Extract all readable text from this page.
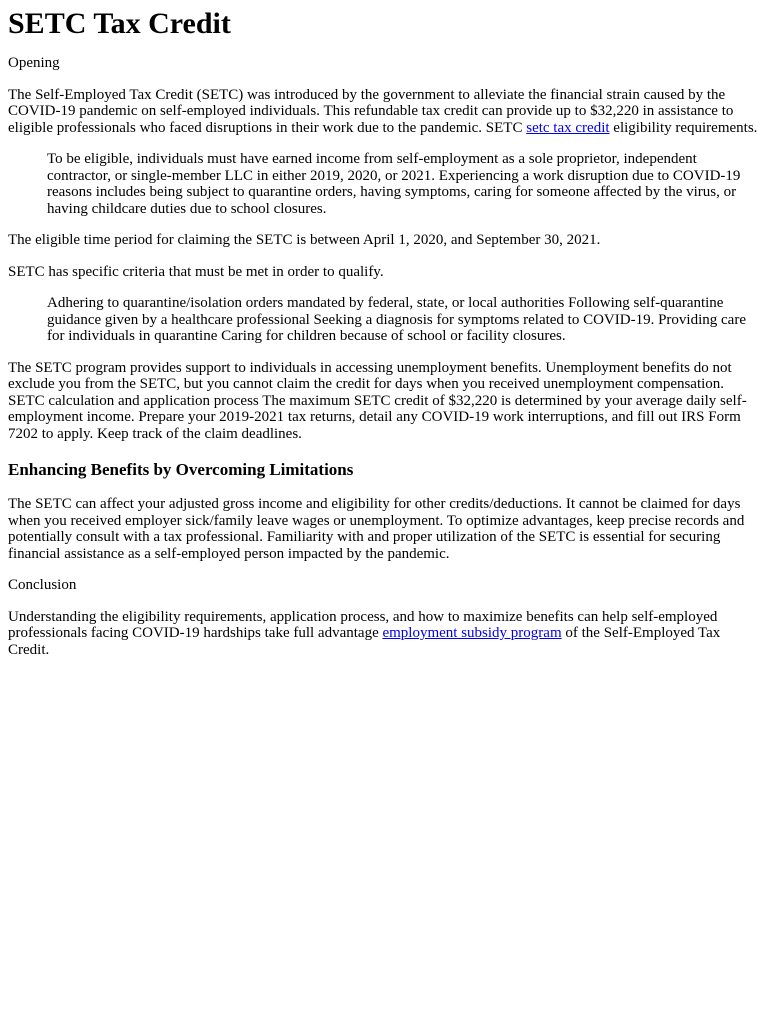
SETC Tax Credit

Opening

The Self-Employed Tax Credit (SETC) was introduced by the government to alleviate the financial strain caused by the COVID-19 pandemic on self-employed individuals. This refundable tax credit can provide up to $32,220 in assistance to eligible professionals who faced disruptions in their work due to the pandemic. SETC setc tax credit eligibility requirements.

To be eligible, individuals must have earned income from self-employment as a sole proprietor, independent contractor, or single-member LLC in either 2019, 2020, or 2021. Experiencing a work disruption due to COVID-19 reasons includes being subject to quarantine orders, having symptoms, caring for someone affected by the virus, or having childcare duties due to school closures.

The eligible time period for claiming the SETC is between April 1, 2020, and September 30, 2021.

SETC has specific criteria that must be met in order to qualify.

Adhering to quarantine/isolation orders mandated by federal, state, or local authorities Following self-quarantine guidance given by a healthcare professional Seeking a diagnosis for symptoms related to COVID-19. Providing care for individuals in quarantine Caring for children because of school or facility closures.

The SETC program provides support to individuals in accessing unemployment benefits. Unemployment benefits do not exclude you from the SETC, but you cannot claim the credit for days when you received unemployment compensation. SETC calculation and application process The maximum SETC credit of $32,220 is determined by your average daily self-employment income. Prepare your 2019-2021 tax returns, detail any COVID-19 work interruptions, and fill out IRS Form 7202 to apply. Keep track of the claim deadlines.

Enhancing Benefits by Overcoming Limitations

The SETC can affect your adjusted gross income and eligibility for other credits/deductions. It cannot be claimed for days when you received employer sick/family leave wages or unemployment. To optimize advantages, keep precise records and potentially consult with a tax professional. Familiarity with and proper utilization of the SETC is essential for securing financial assistance as a self-employed person impacted by the pandemic.

Conclusion

Understanding the eligibility requirements, application process, and how to maximize benefits can help self-employed professionals facing COVID-19 hardships take full advantage employment subsidy program of the Self-Employed Tax Credit.
